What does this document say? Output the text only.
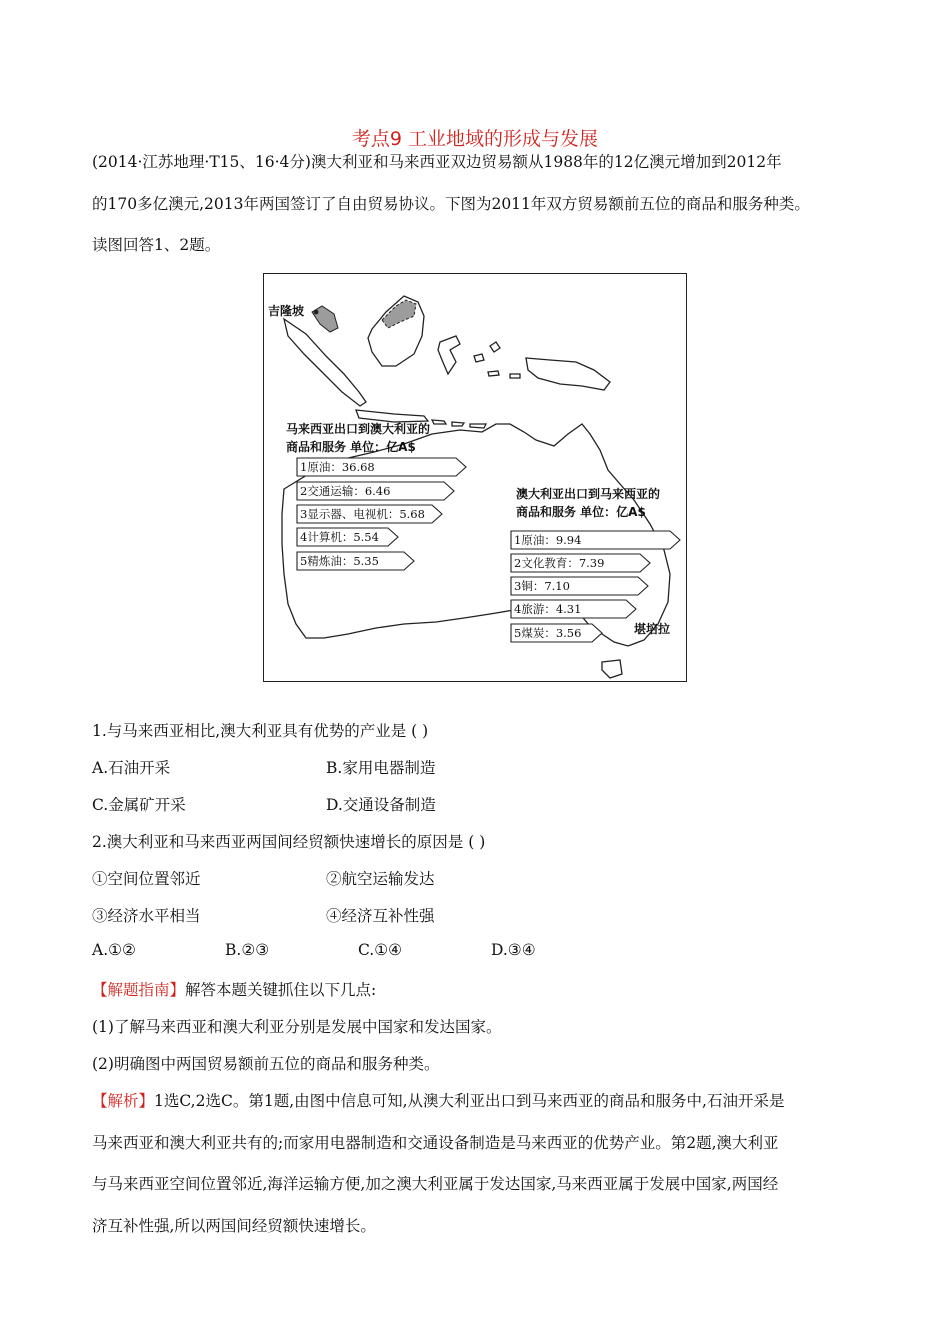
考点9 工业地域的形成与发展
(2014·江苏地理·T15、16·4分)澳大利亚和马来西亚双边贸易额从1988年的12亿澳元增加到2012年
的170多亿澳元,2013年两国签订了自由贸易协议。下图为2011年双方贸易额前五位的商品和服务种类。
读图回答1、2题。
吉隆坡
堪培拉
马来西亚出口到澳大利亚的
商品和服务 单位：亿A$
1原油：36.68
2交通运输：6.46
3显示器、电视机：5.68
4计算机：5.54
5精炼油：5.35
澳大利亚出口到马来西亚的
商品和服务 单位：亿A$
1原油：9.94
2文化教育：7.39
3铜：7.10
4旅游：4.31
5煤炭：3.56
1.与马来西亚相比,澳大利亚具有优势的产业是 ( )
A.石油开采	B.家用电器制造
C.金属矿开采	D.交通设备制造
2.澳大利亚和马来西亚两国间经贸额快速增长的原因是 ( )
①空间位置邻近	②航空运输发达
③经济水平相当	④经济互补性强
A.①②	B.②③	C.①④	D.③④
【解题指南】解答本题关键抓住以下几点:
(1)了解马来西亚和澳大利亚分别是发展中国家和发达国家。
(2)明确图中两国贸易额前五位的商品和服务种类。
【解析】1选C,2选C。第1题,由图中信息可知,从澳大利亚出口到马来西亚的商品和服务中,石油开采是
马来西亚和澳大利亚共有的;而家用电器制造和交通设备制造是马来西亚的优势产业。第2题,澳大利亚
与马来西亚空间位置邻近,海洋运输方便,加之澳大利亚属于发达国家,马来西亚属于发展中国家,两国经
济互补性强,所以两国间经贸额快速增长。
